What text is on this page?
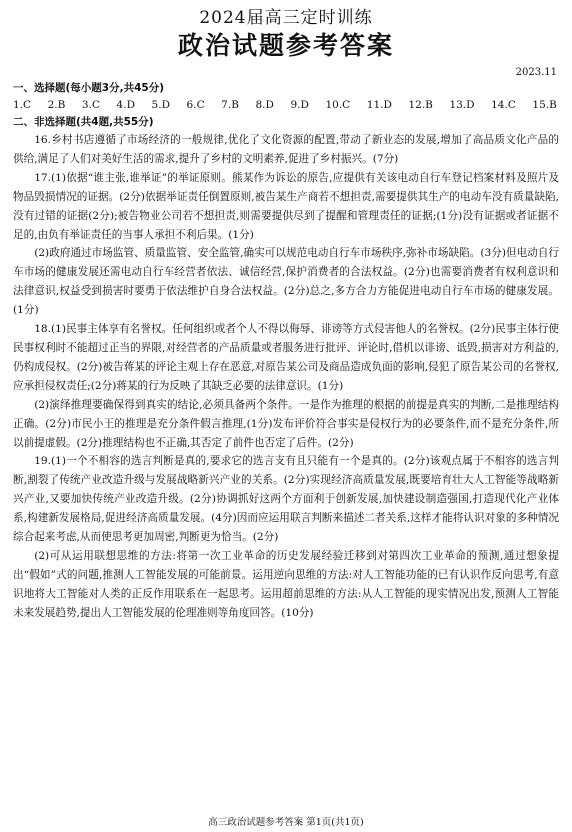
2024届高三定时训练
政治试题参考答案
2023.11
一、选择题(每小题3分,共45分)
1.C 2.B 3.C 4.D 5.D 6.C 7.B 8.D 9.D 10.C 11.D 12.B 13.D 14.C 15.B
二、非选择题(共4题,共55分)

16.乡村书店遵循了市场经济的一般规律,优化了文化资源的配置,带动了新业态的发展,增加了高品质文化产品的供给,满足了人们对美好生活的需求,提升了乡村的文明素养,促进了乡村振兴。(7分)

17.(1)依据“谁主张,谁举证”的举证原则。熊某作为诉讼的原告,应提供有关该电动自行车登记档案材料及照片及物品毁损情况的证据。(2分)依据举证责任倒置原则,被告某生产商若不想担责,需要提供其生产的电动车没有质量缺陷,没有过错的证据(2分);被告物业公司若不想担责,则需要提供尽到了提醒和管理责任的证据;(1分)没有证据或者证据不足的,由负有举证责任的当事人承担不利后果。(1分)

(2)政府通过市场监管、质量监管、安全监管,确实可以规范电动自行车市场秩序,弥补市场缺陷。(3分)但电动自行车市场的健康发展还需电动自行车经营者依法、诚信经营,保护消费者的合法权益。(2分)也需要消费者有权利意识和法律意识,权益受到损害时要勇于依法维护自身合法权益。(2分)总之,多方合力方能促进电动自行车市场的健康发展。(1分)

18.(1)民事主体享有名誉权。任何组织或者个人不得以侮辱、诽谤等方式侵害他人的名誉权。(2分)民事主体行使民事权利时不能超过正当的界限,对经营者的产品质量或者服务进行批评、评论时,借机以诽谤、诋毁,损害对方利益的,仍构成侵权。(2分)被告蒋某的评论主观上存在恶意,对原告某公司及商品造成负面的影响,侵犯了原告某公司的名誉权,应承担侵权责任;(2分)蒋某的行为反映了其缺乏必要的法律意识。(1分)

(2)演绎推理要确保得到真实的结论,必须具备两个条件。一是作为推理的根据的前提是真实的判断,二是推理结构正确。(2分)市民小王的推理是充分条件假言推理,(1分)发布评价符合事实是侵权行为的必要条件,而不是充分条件,所以前提虚假。(2分)推理结构也不正确,其否定了前件也否定了后件。(2分)

19.(1)一个不相容的选言判断是真的,要求它的选言支有且只能有一个是真的。(2分)该观点属于不相容的选言判断,割裂了传统产业改造升级与发展战略新兴产业的关系。(2分)实现经济高质量发展,既要培育壮大人工智能等战略新兴产业,又要加快传统产业改造升级。(2分)协调抓好这两个方面利于创新发展,加快建设制造强国,打造现代化产业体系,构建新发展格局,促进经济高质量发展。(4分)因而应运用联言判断来描述二者关系,这样才能将认识对象的多种情况综合起来考虑,从而使思考更加周密,判断更为恰当。(2分)

(2)可从运用联想思维的方法:将第一次工业革命的历史发展经验迁移到对第四次工业革命的预测,通过想象提出“假如”式的问题,推测人工智能发展的可能前景。运用逆向思维的方法:对人工智能功能的已有认识作反向思考,有意识地将大工智能对人类的正反作用联系在一起思考。运用超前思维的方法:从人工智能的现实情况出发,预测人工智能未来发展趋势,提出人工智能发展的伦理准则等角度回答。(10分)

高三政治试题参考答案 第1页(共1页)
